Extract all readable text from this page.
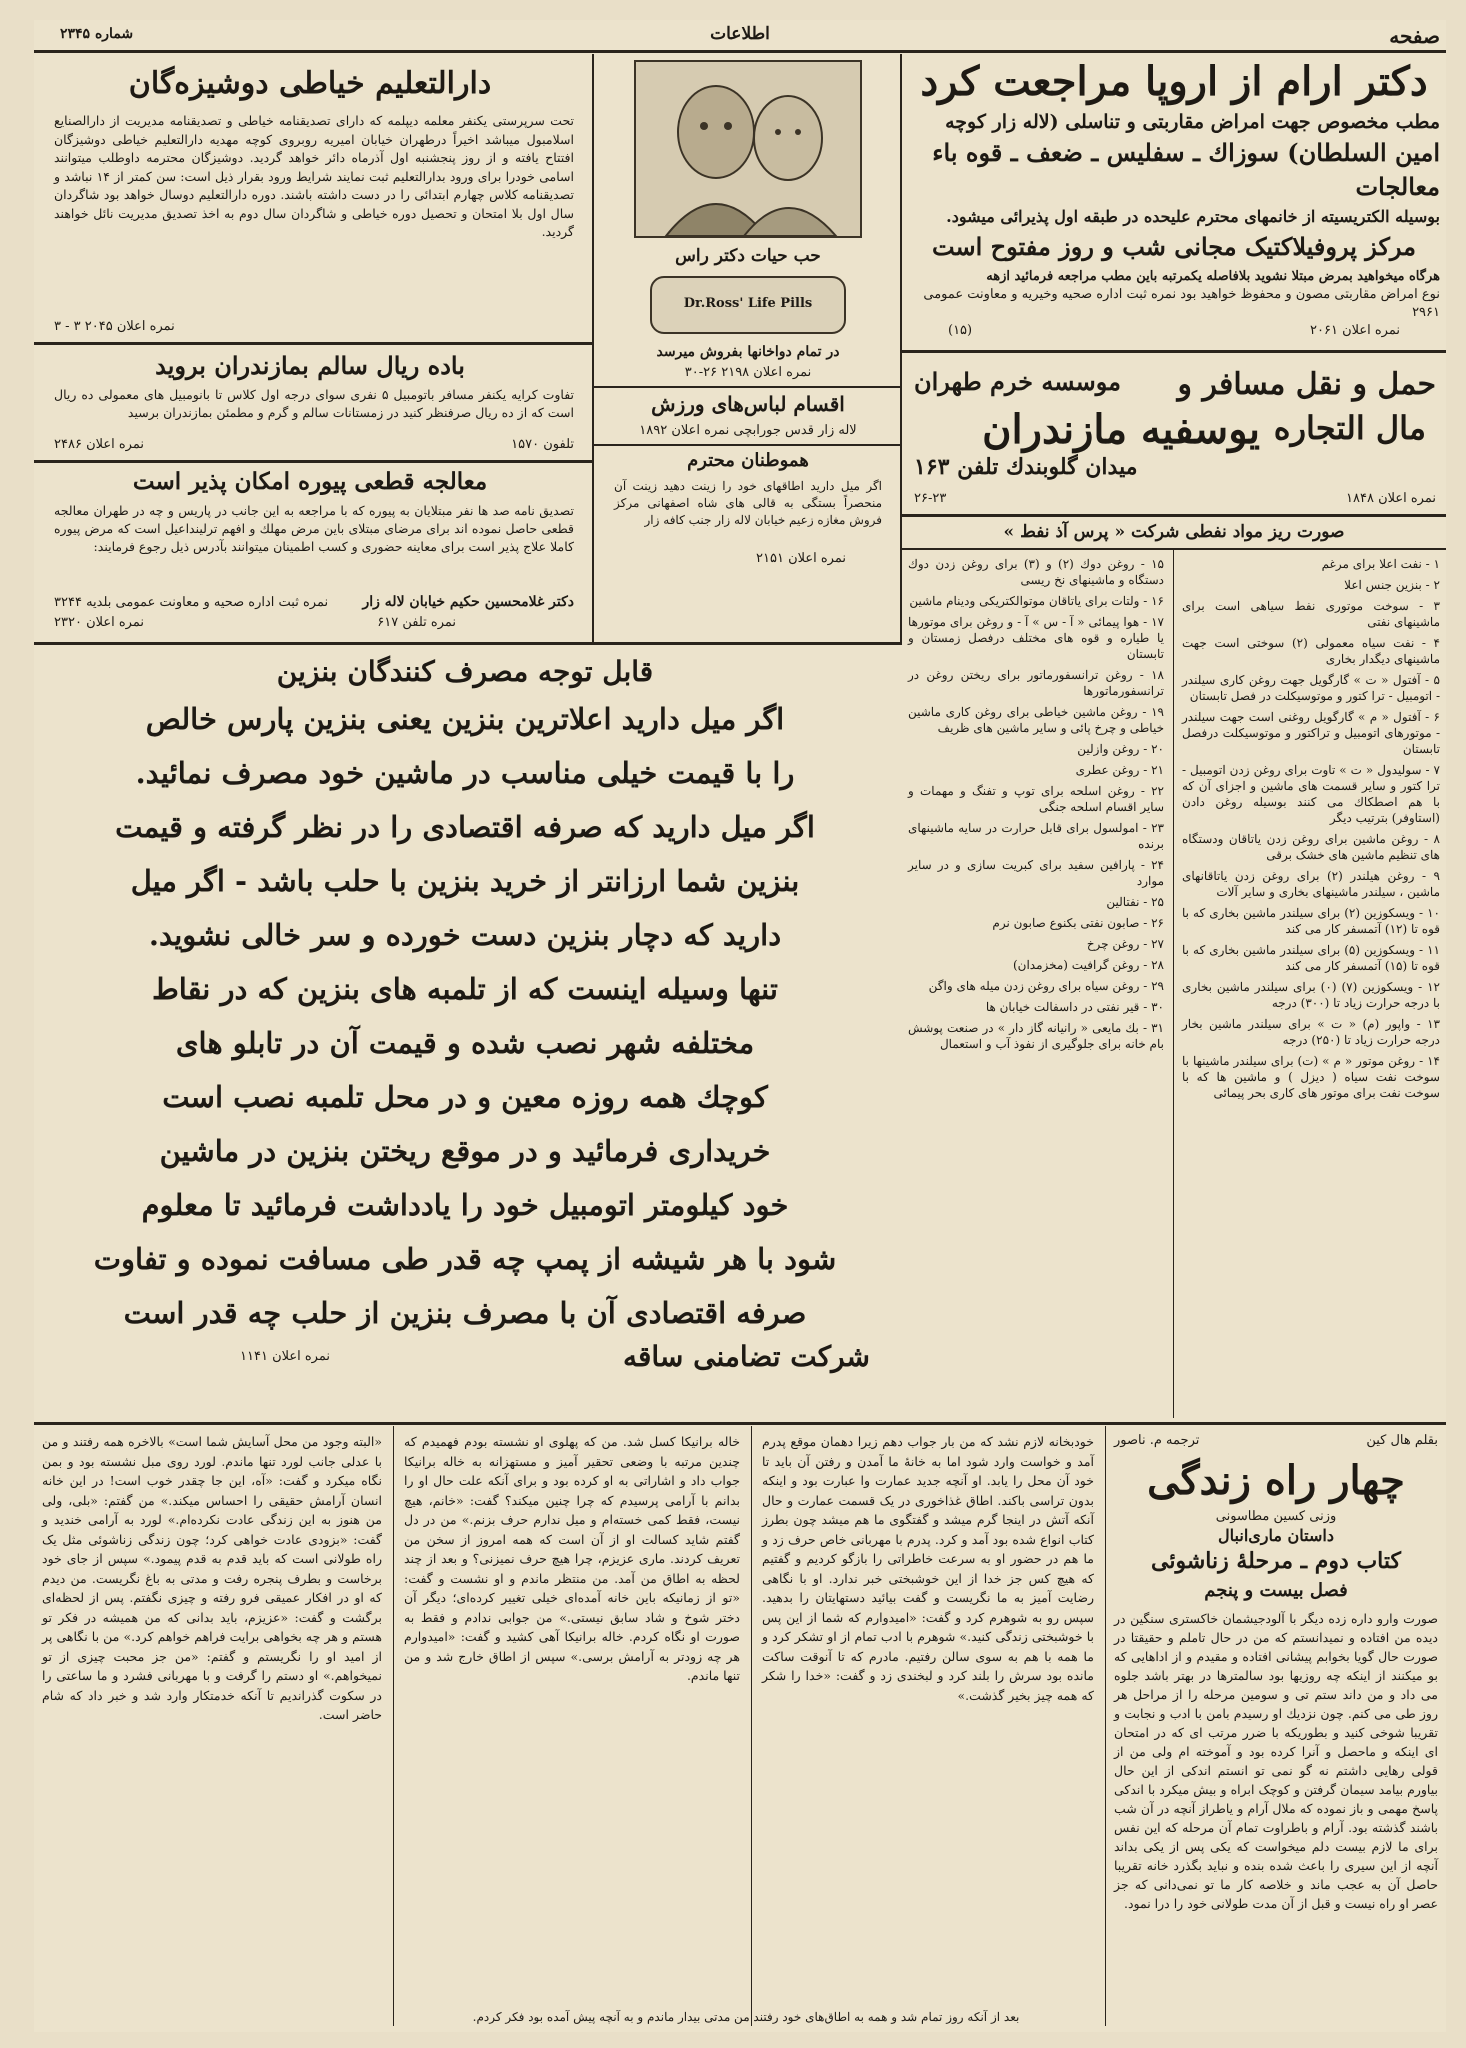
صفحه
اطلاعات
شماره ۲۳۴۵
دکتر ارام از اروپا مراجعت کرد
مطب مخصوص جهت امراض مقاربتی و تناسلی (لاله زار کوچه
امین السلطان) سوزاك ـ سفلیس ـ ضعف ـ قوه باء معالجات
بوسیله الکتریسیته از خانمهای محترم علیحده در طبقه اول پذیرائی میشود.
مرکز پروفیلاکتیک مجانی شب و روز مفتوح است
هرگاه میخواهید بمرض مبتلا نشوید بلافاصله یکمرتبه باین مطب مراجعه فرمائید ازهه
نوع امراض مقاربتی مصون و محفوظ خواهید بود نمره ثبت اداره صحیه وخیریه و معاونت عمومی ۲۹۶۱
نمره اعلان ۲۰۶۱
(۱۵)
حمل و نقل مسافر و
مال التجاره
یوسفیه مازندران
موسسه خرم طهران
میدان گلوبندك تلفن ۱۶۳
نمره اعلان ۱۸۴۸
۲۶-۲۳
صورت ریز مواد نفطی شرکت « پرس آذ نفط »
۱ - نفت اعلا برای مرغم
۲ - بنزین جنس اعلا
۳ - سوخت موتوری نفط سیاهی است برای ماشینهای نفتی
۴ - نفت سیاه معمولی (٢) سوختی است جهت ماشینهای دیگدار بخاری
۵ - آفتول « ت » گارگویل جهت روغن کاری سیلندر - اتومبیل - ترا کتور و موتوسیکلت در فصل تابستان
۶ - آفتول « م » گارگویل روغنی است جهت سیلندر - موتورهای اتومبیل و تراکتور و موتوسیکلت درفصل تابستان
۷ - سولیدول « ت » تاوت برای روغن زدن اتومبیل - ترا کتور و سایر قسمت های ماشین و اجزای آن که با هم اصطکاك می کنند بوسیله روغن دادن (استاوفر) بترتیب دیگر
۸ - روغن ماشین برای روغن زدن یاتاقان ودستگاه های تنظیم ماشین های خشک برقی
۹ - روغن هیلندر (۲) برای روغن زدن یاتاقانهای ماشین ، سیلندر ماشینهای بخاری و سایر آلات
۱۰ - ویسکوزین (۲) برای سیلندر ماشین بخاری که با قوه تا (۱۲) آتمسفر کار می کند
۱۱ - ویسکوزین (۵) برای سیلندر ماشین بخاری که با قوه تا (۱۵) آتمسفر کار می کند
۱۲ - ویسکوزین (۷) (۰) برای سیلندر ماشین بخاری با درجه حرارت زیاد تا (۳۰۰) درجه
۱۳ - واپور (م) « ت » برای سیلندر ماشین بخار درجه حرارت زیاد تا (۲۵۰) درجه
۱۴ - روغن موتور « م » (ت) برای سیلندر ماشینها با سوخت نفت سیاه ( دیزل ) و ماشین ها که با سوخت نفت برای موتور های کاری بحر پیمائی
۱۵ - روغن دوك (۲) و (۳) برای روغن زدن دوك دستگاه و ماشینهای نخ ریسی
۱۶ - ولتات برای یاتاقان موتوالکتریکی ودینام ماشین
۱۷ - هوا پیمائی « آ - س » آ - و روغن برای موتورها یا طیاره و قوه های مختلف درفصل زمستان و تابستان
۱۸ - روغن ترانسفورماتور برای ریختن روغن در ترانسفورماتورها
۱۹ - روغن ماشین خیاطی برای روغن کاری ماشین خیاطی و چرخ پائی و سایر ماشین های ظریف
۲۰ - روغن وازلین
۲۱ - روغن عطری
۲۲ - روغن اسلحه برای توپ و تفنگ و مهمات و سایر اقسام اسلحه جنگی
۲۳ - امولسول برای قابل حرارت در سایه ماشینهای برنده
۲۴ - پارافین سفید برای کبریت سازی و در سایر موارد
۲۵ - نفتالین
۲۶ - صابون نفتی بکنوع صابون نرم
۲۷ - روغن چرخ
۲۸ - روغن گرافیت (مخزمدان)
۲۹ - روغن سیاه برای روغن زدن میله های واگن
۳۰ - قیر نفتی در داسفالت خیابان ها
۳۱ - بك مایعی « رانیانه گاز دار » در صنعت پوشش بام خانه برای جلوگیری از نفوذ آب و استعمال
حب حیات دکتر راس
Dr.Ross' Life Pills
در تمام دواخانها بفروش میرسد
نمره اعلان ۲۱۹۸ ۲۶-۳۰
اقسام لباس‌های ورزش
لاله زار قدس جورابچی نمره اعلان ۱۸۹۲
هموطنان محترم
اگر میل دارید اطاقهای خود را زینت دهید زینت آن منحصراً بستگی به قالی های شاه اصفهانی مرکز فروش مغازه زعیم خیابان لاله زار جنب کافه زار
نمره اعلان ۲۱۵۱
دارالتعلیم خیاطی دوشیزه‌گان
تحت سرپرستی یکنفر معلمه دیپلمه که دارای تصدیقنامه خیاطی و تصدیقنامه مدیریت از دارالصنایع اسلامبول میباشد اخیراً درطهران خیابان امیریه روبروی کوچه مهدیه دارالتعلیم خیاطی دوشیزگان افتتاح یافته و از روز پنجشنبه اول آذرماه دائر خواهد گردید. دوشیزگان محترمه داوطلب میتوانند اسامی خودرا برای ورود بدارالتعلیم ثبت نمایند شرایط ورود بقرار ذیل است: سن کمتر از ۱۴ نباشد و تصدیقنامه کلاس چهارم ابتدائی را در دست داشته باشند. دوره دارالتعلیم دوسال خواهد بود شاگردان سال اول بلا امتحان و تحصیل دوره خیاطی و شاگردان سال دوم به اخذ تصدیق مدیریت نائل خواهند گردید.
نمره اعلان ۲۰۴۵ ۳ - ۳
باده ریال سالم بمازندران بروید
تفاوت کرایه یکنفر مسافر باتومبیل ۵ نفری سوای درجه اول کلاس تا بانومبیل های معمولی ده ریال است که از ده ریال صرفنظر کنید در زمستانات سالم و گرم و مطمئن بمازندران برسید
تلفون ۱۵۷۰
نمره اعلان ۲۴۸۶
معالجه قطعی پیوره امکان پذیر است
تصدیق نامه صد ها نفر مبتلایان به پیوره که با مراجعه به این جانب در پاریس و چه در طهران معالجه قطعی حاصل نموده اند برای مرضای مبتلای باین مرض مهلك و افهم ترلینداعیل است که مرض پیوره کاملا علاج پذیر است برای معاینه حضوری و کسب اطمینان میتوانند بآدرس ذیل رجوع فرمایند:
دکتر غلامحسین حکیم خیابان لاله زار
نمره ثبت اداره صحیه و معاونت عمومی بلدیه ۳۲۴۴
نمره تلفن ۶۱۷
نمره اعلان ۲۳۲۰
قابل توجه مصرف کنندگان بنزین
اگر میل دارید اعلاترین بنزین یعنی بنزین پارس خالص
را با قیمت خیلی مناسب در ماشین خود مصرف نمائید.
اگر میل دارید که صرفه اقتصادی را در نظر گرفته و قیمت
بنزین شما ارزانتر از خرید بنزین با حلب باشد - اگر میل
دارید که دچار بنزین دست خورده و سر خالی نشوید.
تنها وسیله اینست که از تلمبه های بنزین که در نقاط
مختلفه شهر نصب شده و قیمت آن در تابلو های
کوچك همه روزه معین و در محل تلمبه نصب است
خریداری فرمائید و در موقع ریختن بنزین در ماشین
خود کیلومتر اتومبیل خود را یادداشت فرمائید تا معلوم
شود با هر شیشه از پمپ چه قدر طی مسافت نموده و تفاوت
صرفه اقتصادی آن با مصرف بنزین از حلب چه قدر است
شرکت تضامنی ساقه
نمره اعلان ۱۱۴۱
بقلم هال کین
ترجمه م. ناصور
چهار راه زندگی
وزنی کسین مطاسونی
داستان ماری‌انبال
کتاب دوم ـ مرحلهٔ زناشوئی
فصل بیست و پنجم
صورت وارو داره زده دیگر با آلودجیشمان خاکستری سنگین در دیده من افتاده و نمیدانستم که من در حال تاملم و حقیقتا در صورت حال گویا بخوابم پیشانی افتاده و مقیدم و از اداهایی که بو میکنند از اینکه چه روزیها بود سالمترها در بهتر باشد جلوه می داد و من داند ستم تی و سومین مرحله را از مراحل هر روز طی می کنم. چون نزدیك او رسیدم بامن با ادب و نجابت و تقریبا شوخی کنید و بطوریکه با ضرر مرتب ای که در امتحان ای اینکه و ماحصل و آنرا کرده بود و آموخته ام ولی من از قولی رهایی داشتم نه گو نمی تو انستم اندکی از این حال بیاورم بیامد سیمان گرفتن و کوچک ابراه و بیش میکرد با اندکی پاسخ مهمی و باز نموده که ملال آرام و یاطراز آنچه در آن شب باشند گذشته بود. آرام و باطراوت تمام آن مرحله که این نفس برای ما لازم بیست دلم میخواست که یکی پس از یکی بداند آنچه از این سیری را باعث شده بنده و نباید بگذرد خانه تقریبا حاصل آن به عجب ماند و خلاصه کار ما تو نمی‌دانی که جز عصر او راه نیست و قبل از آن مدت طولانی خود را درا نمود.
خودبخانه لازم نشد که من بار جواب دهم زیرا دهمان موقع پدرم آمد و خواست وارد شود اما به خانهٔ ما آمدن و رفتن آن باید تا خود آن محل را یابد. او آنچه جدید عمارت وا عبارت بود و اینکه بدون تراسی باکند. اطاق غذاخوری در یک قسمت عمارت و حال آنکه آتش در اینجا گرم میشد و گفتگوی ما هم میشد چون بطرز کتاب انواع شده بود آمد و کرد. پدرم با مهربانی خاص حرف زد و ما هم در حضور او به سرعت خاطراتی را بازگو کردیم و گفتیم که هیچ کس جز خدا از این خوشبختی خبر ندارد. او با نگاهی رضایت آمیز به ما نگریست و گفت بیائید دستهایتان را بدهید. سپس رو به شوهرم کرد و گفت: «امیدوارم که شما از این پس با خوشبختی زندگی کنید.» شوهرم با ادب تمام از او تشکر کرد و ما همه با هم به سوی سالن رفتیم. مادرم که تا آنوقت ساکت مانده بود سرش را بلند کرد و لبخندی زد و گفت: «خدا را شکر که همه چیز بخیر گذشت.»
خاله برانیکا کسل شد. من که پهلوی او نشسته بودم فهمیدم که چندین مرتبه با وضعی تحقیر آمیز و مستهزانه به خاله برانیکا جواب داد و اشاراتی به او کرده بود و برای آنکه علت حال او را بدانم با آرامی پرسیدم که چرا چنین میکند؟ گفت: «خانم، هیچ نیست، فقط کمی خسته‌ام و میل ندارم حرف بزنم.» من در دل گفتم شاید کسالت او از آن است که همه امروز از سخن من تعریف کردند. ماری عزیزم، چرا هیچ حرف نمیزنی؟ و بعد از چند لحظه به اطاق من آمد. من منتظر ماندم و او نشست و گفت: «تو از زمانیکه باین خانه آمده‌ای خیلی تغییر کرده‌ای؛ دیگر آن دختر شوخ و شاد سابق نیستی.» من جوابی ندادم و فقط به صورت او نگاه کردم. خاله برانیکا آهی کشید و گفت: «امیدوارم هر چه زودتر به آرامش برسی.» سپس از اطاق خارج شد و من تنها ماندم.
«البته وجود من محل آسایش شما است» بالاخره همه رفتند و من با عدلی جانب لورد تنها ماندم. لورد روی مبل نشسته بود و بمن نگاه میکرد و گفت: «آه، این جا چقدر خوب است! در این خانه انسان آرامش حقیقی را احساس میکند.» من گفتم: «بلی، ولی من هنوز به این زندگی عادت نکرده‌ام.» لورد به آرامی خندید و گفت: «بزودی عادت خواهی کرد؛ چون زندگی زناشوئی مثل یک راه طولانی است که باید قدم به قدم پیمود.» سپس از جای خود برخاست و بطرف پنجره رفت و مدتی به باغ نگریست. من دیدم که او در افکار عمیقی فرو رفته و چیزی نگفتم. پس از لحظه‌ای برگشت و گفت: «عزیزم، باید بدانی که من همیشه در فکر تو هستم و هر چه بخواهی برایت فراهم خواهم کرد.» من با نگاهی پر از امید او را نگریستم و گفتم: «من جز محبت چیزی از تو نمیخواهم.» او دستم را گرفت و با مهربانی فشرد و ما ساعتی را در سکوت گذراندیم تا آنکه خدمتکار وارد شد و خبر داد که شام حاضر است.
بعد از آنکه روز تمام شد و همه به اطاق‌های خود رفتند من مدتی بیدار ماندم و به آنچه پیش آمده بود فکر کردم.
